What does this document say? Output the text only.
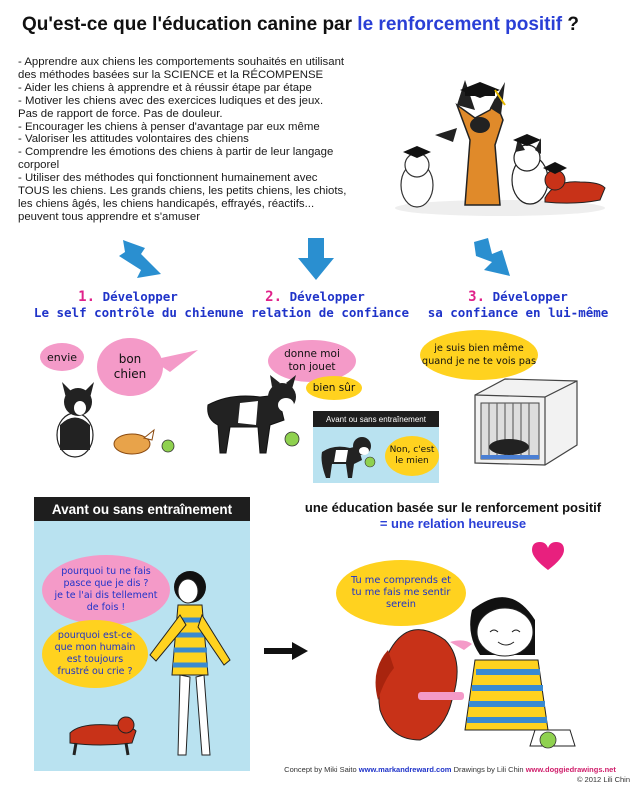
Qu'est-ce que l'éducation canine par le renforcement positif ?
- Apprendre aux chiens les comportements souhaités en utilisant
des méthodes basées sur la SCIENCE et la RÉCOMPENSE
- Aider les chiens à apprendre et à réussir étape par étape
- Motiver les chiens avec des exercices ludiques et des jeux.
Pas de rapport de force. Pas de douleur.
- Encourager les chiens à penser d'avantage par eux même
- Valoriser les attitudes volontaires des chiens
- Comprendre les émotions des chiens à partir de leur langage
corporel
- Utiliser des méthodes qui fonctionnent humainement avec
TOUS les chiens. Les grands chiens, les petits chiens, les chiots,
les chiens âgés, les chiens handicapés, effrayés, réactifs...
peuvent tous apprendre et s'amuser
1. Développer
Le self contrôle du chien
2. Développer
une relation de confiance
3. Développer
sa confiance en lui-même
envie	bon
chien
donne moi
ton jouet
bien sûr
Avant ou sans entraînement
Non, c'est
le mien
je suis bien même
quand je ne te vois pas
Avant ou sans entraînement
pourquoi tu ne fais
pasce que je dis ?
je te l'ai dis tellement
de fois !
pourquoi est-ce
que mon humain
est toujours
frustré ou crie ?
une éducation basée sur le renforcement positif
= une relation heureuse
Tu me comprends et
tu me fais me sentir
serein
Concept by Miki Saito www.markandreward.com Drawings by Lili Chin www.doggiedrawings.net
© 2012 Lili Chin
